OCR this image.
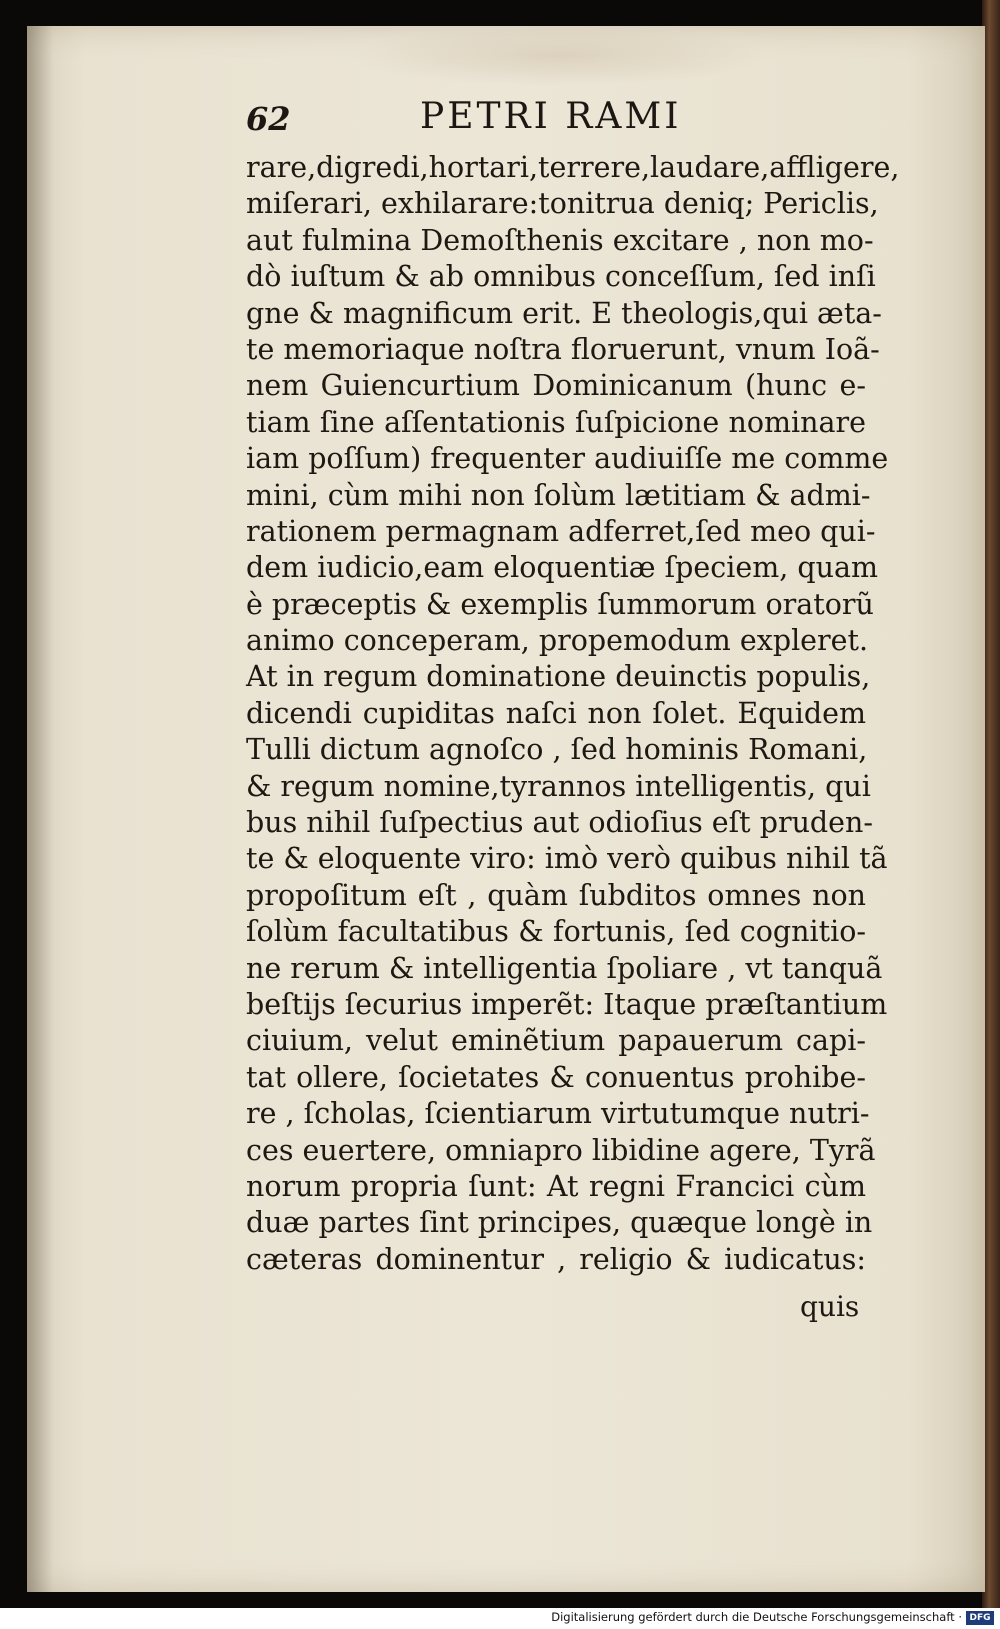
62	PETRI RAMI
rare,digredi,hortari,terrere,laudare,affligere,
miſerari, exhilarare:tonitrua deniq; Periclis,
aut fulmina Demoſthenis excitare , non mo-
dò iuſtum & ab omnibus conceſſum, ſed inſi
gne & magnificum erit. E theologis,qui æta-
te memoriaque noſtra floruerunt, vnum Ioã-
nem Guiencurtium Dominicanum (hunc e-
tiam ſine aſſentationis ſuſpicione nominare
iam poſſum) frequenter audiuiſſe me comme
mini, cùm mihi non ſolùm lætitiam & admi-
rationem permagnam adferret,ſed meo qui-
dem iudicio,eam eloquentiæ ſpeciem, quam
è præceptis & exemplis ſummorum oratorũ
animo conceperam, propemodum expleret.
At in regum dominatione deuinctis populis,
dicendi cupiditas naſci non ſolet. Equidem
Tulli dictum agnoſco , ſed hominis Romani,
& regum nomine,tyrannos intelligentis, qui
bus nihil ſuſpectius aut odioſius eſt pruden-
te & eloquente viro: imò verò quibus nihil tã
propoſitum eſt , quàm ſubditos omnes non
ſolùm facultatibus & fortunis, ſed cognitio-
ne rerum & intelligentia ſpoliare , vt tanquã
beſtijs ſecurius imperẽt: Itaque præſtantium
ciuium, velut eminẽtium papauerum capi-
tat ollere, ſocietates & conuentus prohibe-
re , ſcholas, ſcientiarum virtutumque nutri-
ces euertere, omniapro libidine agere, Tyrã
norum propria ſunt: At regni Francici cùm
duæ partes ſint principes, quæque longè in
cæteras dominentur , religio & iudicatus:
quis
Digitalisierung gefördert durch die Deutsche Forschungsgemeinschaft · DFG
